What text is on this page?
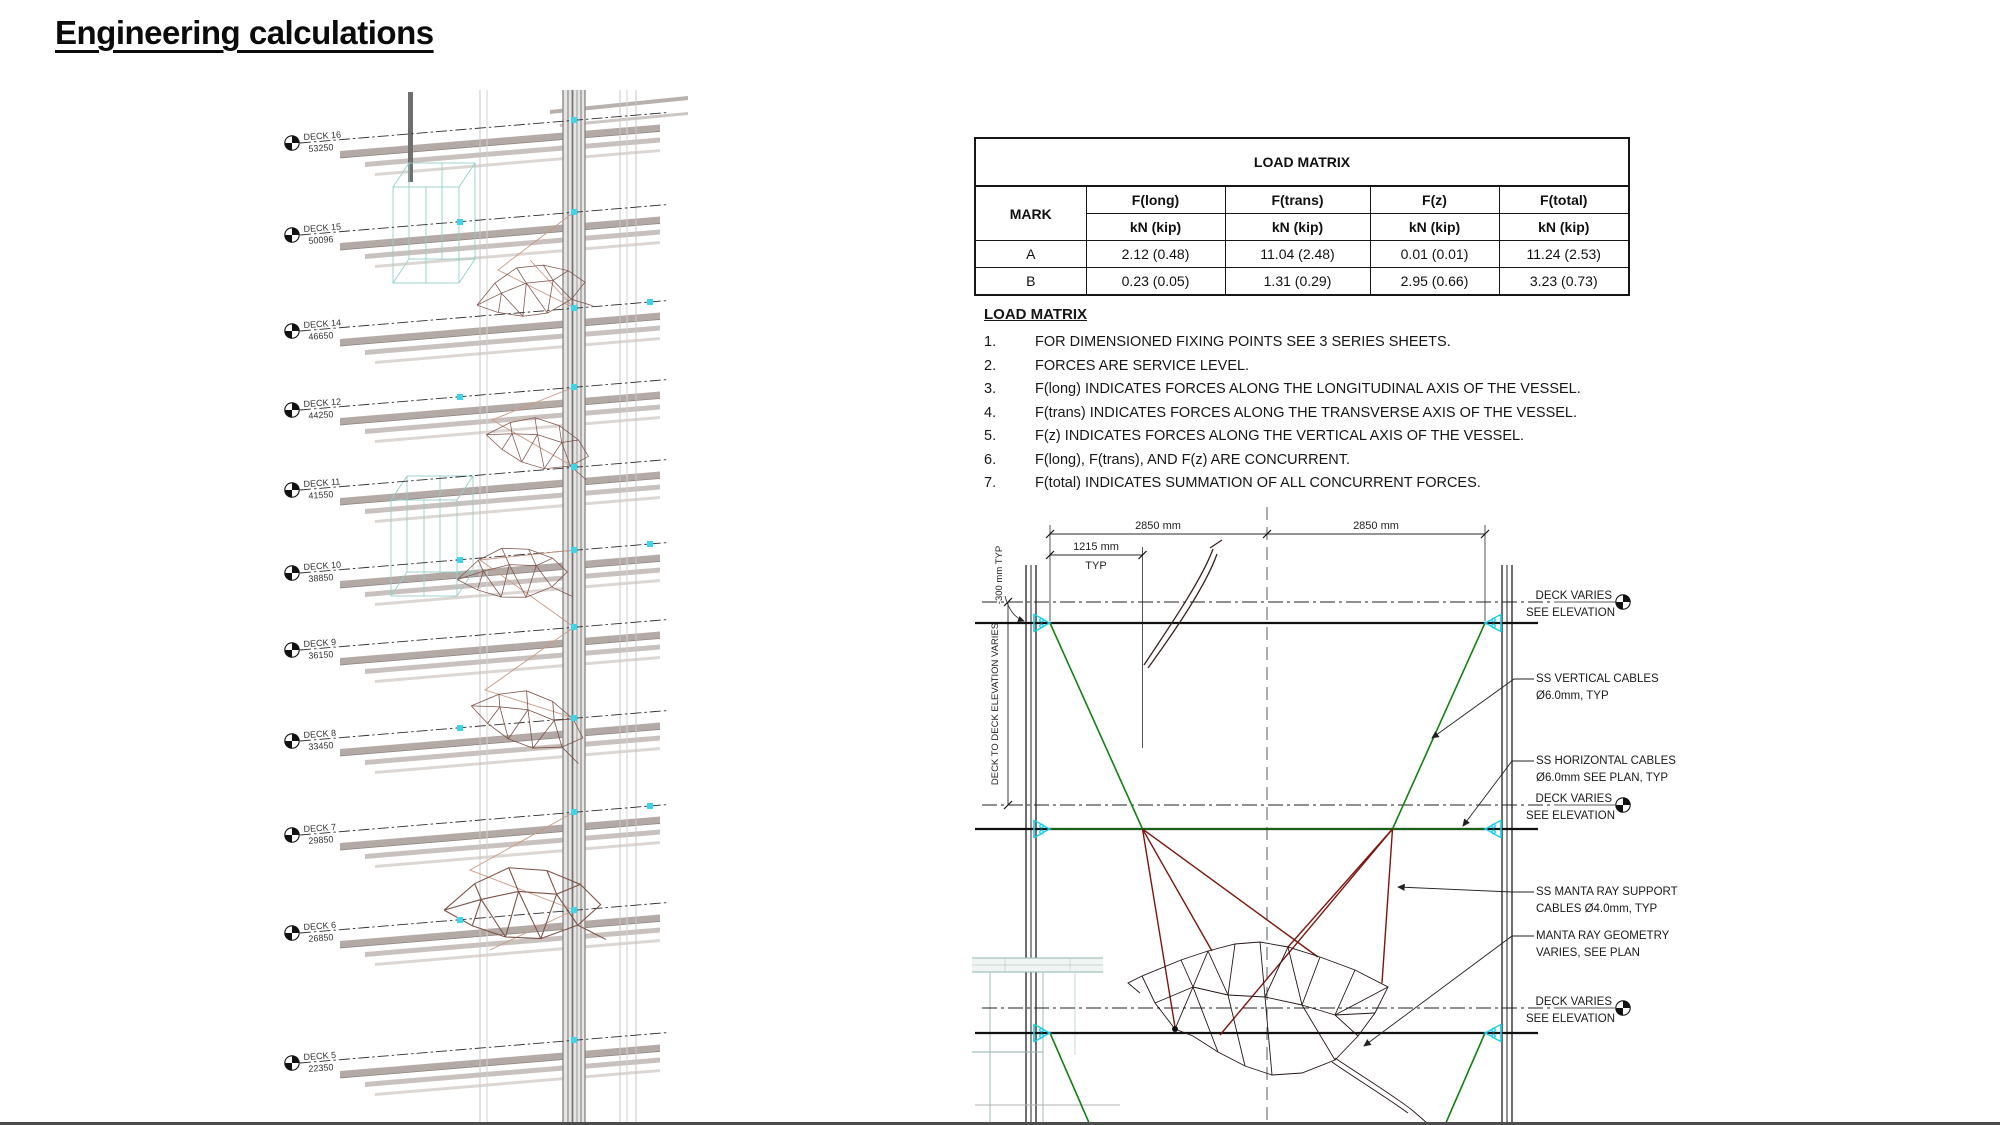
Engineering calculations
DECK 16
53250
DECK 15
50096
DECK 14
46650
DECK 12
44250
DECK 11
41550
DECK 10
38850
DECK 9
36150
DECK 8
33450
DECK 7
29850
DECK 6
26850
DECK 5
22350
LOAD MATRIX				
MARK	F(long)	F(trans)	F(z)	F(total)
	kN (kip)	kN (kip)	kN (kip)	kN (kip)
A	2.12 (0.48)	11.04 (2.48)	0.01 (0.01)	11.24 (2.53)
B	0.23 (0.05)	1.31 (0.29)	2.95 (0.66)	3.23 (0.73)
LOAD MATRIX
1.	FOR DIMENSIONED FIXING POINTS SEE 3 SERIES SHEETS.
2.	FORCES ARE SERVICE LEVEL.
3.	F(long) INDICATES FORCES ALONG THE LONGITUDINAL AXIS OF THE VESSEL.
4.	F(trans) INDICATES FORCES ALONG THE TRANSVERSE AXIS OF THE VESSEL.
5.	F(z) INDICATES FORCES ALONG THE VERTICAL AXIS OF THE VESSEL.
6.	F(long), F(trans), AND F(z) ARE CONCURRENT.
7.	F(total) INDICATES SUMMATION OF ALL CONCURRENT FORCES.
2850 mm	2850 mm
1215 mm
TYP
DECK TO DECK ELEVATION VARIES
-300 mm TYP	DECK VARIES
SEE ELEVATION
DECK VARIES
SEE ELEVATION
DECK VARIES
SEE ELEVATION
SS VERTICAL CABLES
Ø6.0mm, TYP
SS HORIZONTAL CABLES
Ø6.0mm SEE PLAN, TYP
SS MANTA RAY SUPPORT
CABLES Ø4.0mm, TYP
MANTA RAY GEOMETRY
VARIES, SEE PLAN
